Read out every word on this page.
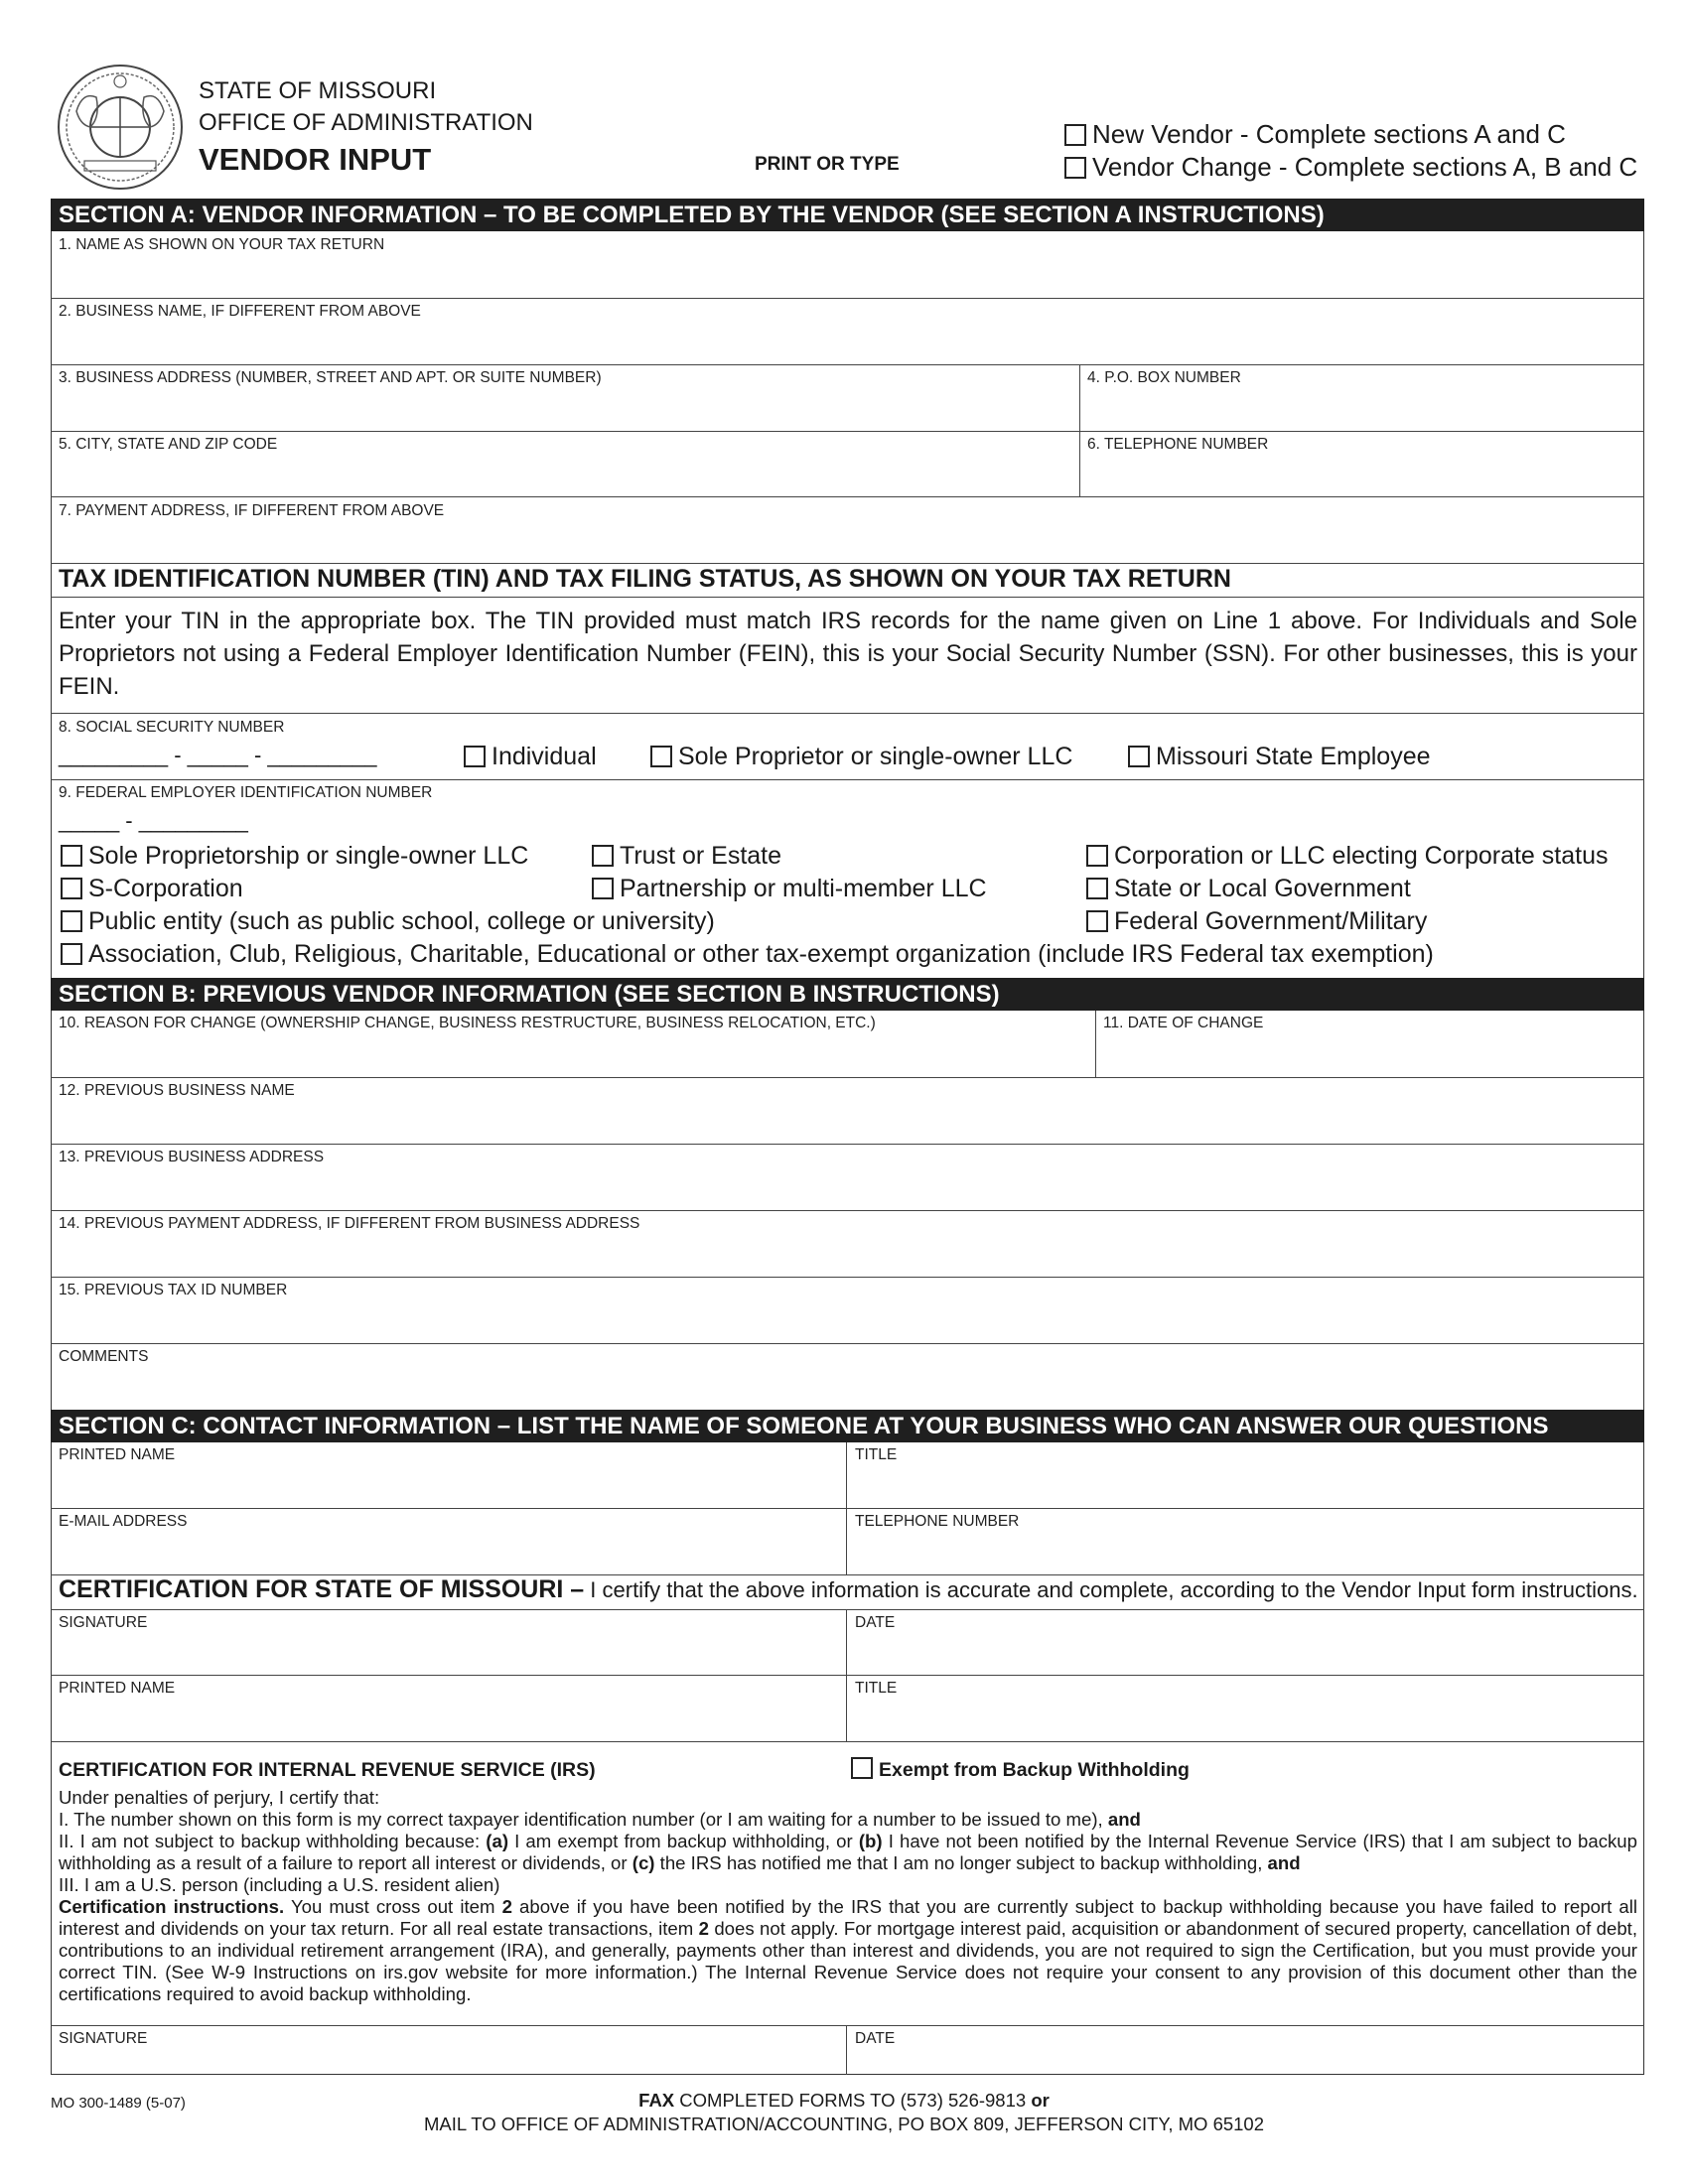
STATE OF MISSOURI
OFFICE OF ADMINISTRATION
VENDOR INPUT	PRINT OR TYPE
New Vendor - Complete sections A and C
Vendor Change - Complete sections A, B and C
SECTION A: VENDOR INFORMATION – TO BE COMPLETED BY THE VENDOR (SEE SECTION A INSTRUCTIONS)
1. NAME AS SHOWN ON YOUR TAX RETURN
2. BUSINESS NAME, IF DIFFERENT FROM ABOVE
3. BUSINESS ADDRESS (NUMBER, STREET AND APT. OR SUITE NUMBER)	4. P.O. BOX NUMBER
5. CITY, STATE AND ZIP CODE	6. TELEPHONE NUMBER
7. PAYMENT ADDRESS, IF DIFFERENT FROM ABOVE
TAX IDENTIFICATION NUMBER (TIN) AND TAX FILING STATUS, AS SHOWN ON YOUR TAX RETURN
Enter your TIN in the appropriate box. The TIN provided must match IRS records for the name given on Line 1 above. For Individuals and Sole Proprietors not using a Federal Employer Identification Number (FEIN), this is your Social Security Number (SSN). For other businesses, this is your FEIN.
8. SOCIAL SECURITY NUMBER
_________ - _____ - _________	Individual	Sole Proprietor or single-owner LLC	Missouri State Employee
9. FEDERAL EMPLOYER IDENTIFICATION NUMBER
_____ - _________
Sole Proprietorship or single-owner LLC	Trust or Estate	Corporation or LLC electing Corporate status
S-Corporation	Partnership or multi-member LLC	State or Local Government
Public entity (such as public school, college or university)	Federal Government/Military
Association, Club, Religious, Charitable, Educational or other tax-exempt organization (include IRS Federal tax exemption)
SECTION B: PREVIOUS VENDOR INFORMATION (SEE SECTION B INSTRUCTIONS)
10. REASON FOR CHANGE (OWNERSHIP CHANGE, BUSINESS RESTRUCTURE, BUSINESS RELOCATION, ETC.)	11. DATE OF CHANGE
12. PREVIOUS BUSINESS NAME
13. PREVIOUS BUSINESS ADDRESS
14. PREVIOUS PAYMENT ADDRESS, IF DIFFERENT FROM BUSINESS ADDRESS
15. PREVIOUS TAX ID NUMBER
COMMENTS
SECTION C: CONTACT INFORMATION – LIST THE NAME OF SOMEONE AT YOUR BUSINESS WHO CAN ANSWER OUR QUESTIONS
PRINTED NAME	TITLE
E-MAIL ADDRESS	TELEPHONE NUMBER
CERTIFICATION FOR STATE OF MISSOURI – I certify that the above information is accurate and complete, according to the Vendor Input form instructions.
SIGNATURE	DATE
PRINTED NAME	TITLE
CERTIFICATION FOR INTERNAL REVENUE SERVICE (IRS)	Exempt from Backup Withholding

Under penalties of perjury, I certify that:

I. The number shown on this form is my correct taxpayer identification number (or I am waiting for a number to be issued to me), and

II. I am not subject to backup withholding because: (a) I am exempt from backup withholding, or (b) I have not been notified by the Internal Revenue Service (IRS) that I am subject to backup withholding as a result of a failure to report all interest or dividends, or (c) the IRS has notified me that I am no longer subject to backup withholding, and

III. I am a U.S. person (including a U.S. resident alien)

Certification instructions. You must cross out item 2 above if you have been notified by the IRS that you are currently subject to backup withholding because you have failed to report all interest and dividends on your tax return. For all real estate transactions, item 2 does not apply. For mortgage interest paid, acquisition or abandonment of secured property, cancellation of debt, contributions to an individual retirement arrangement (IRA), and generally, payments other than interest and dividends, you are not required to sign the Certification, but you must provide your correct TIN. (See W-9 Instructions on irs.gov website for more information.) The Internal Revenue Service does not require your consent to any provision of this document other than the certifications required to avoid backup withholding.

SIGNATURE	DATE
MO 300-1489 (5-07)	FAX COMPLETED FORMS TO (573) 526-9813 or
MAIL TO OFFICE OF ADMINISTRATION/ACCOUNTING, PO BOX 809, JEFFERSON CITY, MO 65102
